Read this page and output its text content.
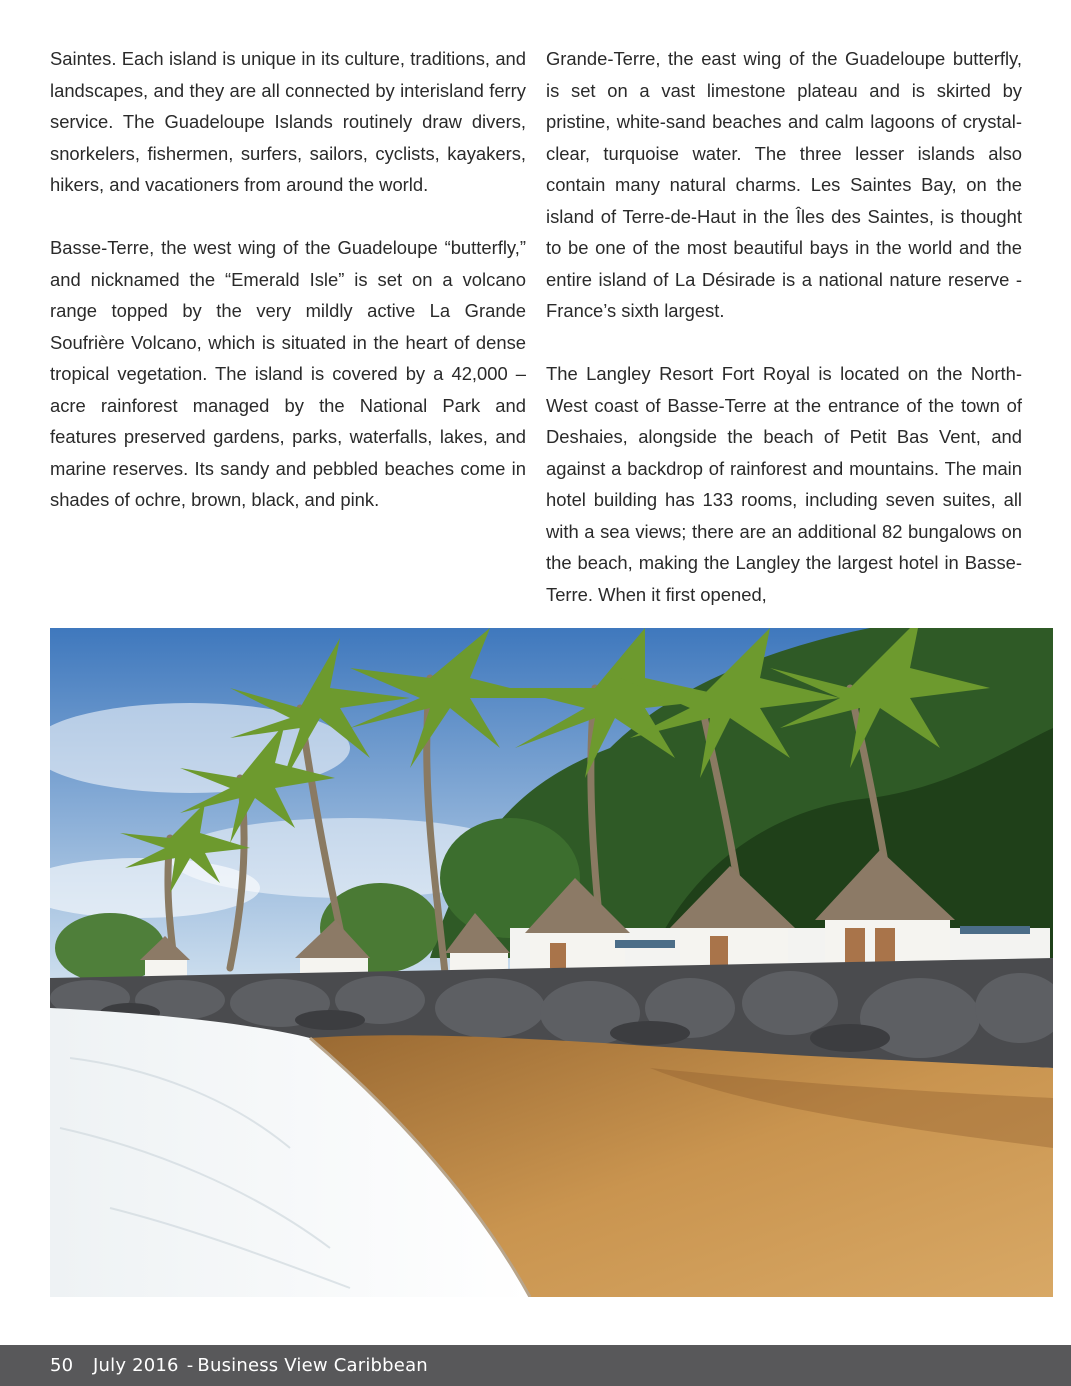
Saintes. Each island is unique in its culture, traditions, and landscapes, and they are all connected by interisland ferry service. The Guadeloupe Islands routinely draw divers, snorkelers, fishermen, surfers, sailors, cyclists, kayakers, hikers, and vacationers from around the world.

Basse-Terre, the west wing of the Guadeloupe “butterfly,” and nicknamed the “Emerald Isle” is set on a volcano range topped by the very mildly active La Grande Soufrière Volcano, which is situated in the heart of dense tropical vegetation. The island is covered by a 42,000 –acre rainforest managed by the National Park and features preserved gardens, parks, waterfalls, lakes, and marine reserves. Its sandy and pebbled beaches come in shades of ochre, brown, black, and pink.

Grande-Terre, the east wing of the Guadeloupe butterfly, is set on a vast limestone plateau and is skirted by pristine, white-sand beaches and calm lagoons of crystal-clear, turquoise water. The three lesser islands also contain many natural charms. Les Saintes Bay, on the island of Terre-de-Haut in the Îles des Saintes, is thought to be one of the most beautiful bays in the world and the entire island of La Désirade is a national nature reserve - France’s sixth largest.

The Langley Resort Fort Royal is located on the North-West coast of Basse-Terre at the entrance of the town of Deshaies, alongside the beach of Petit Bas Vent, and against a backdrop of rainforest and mountains. The main hotel building has 133 rooms, including seven suites, all with a sea views; there are an additional 82 bungalows on the beach, making the Langley the largest hotel in Basse-Terre. When it first opened,

50 July 2016 - Business View Caribbean
